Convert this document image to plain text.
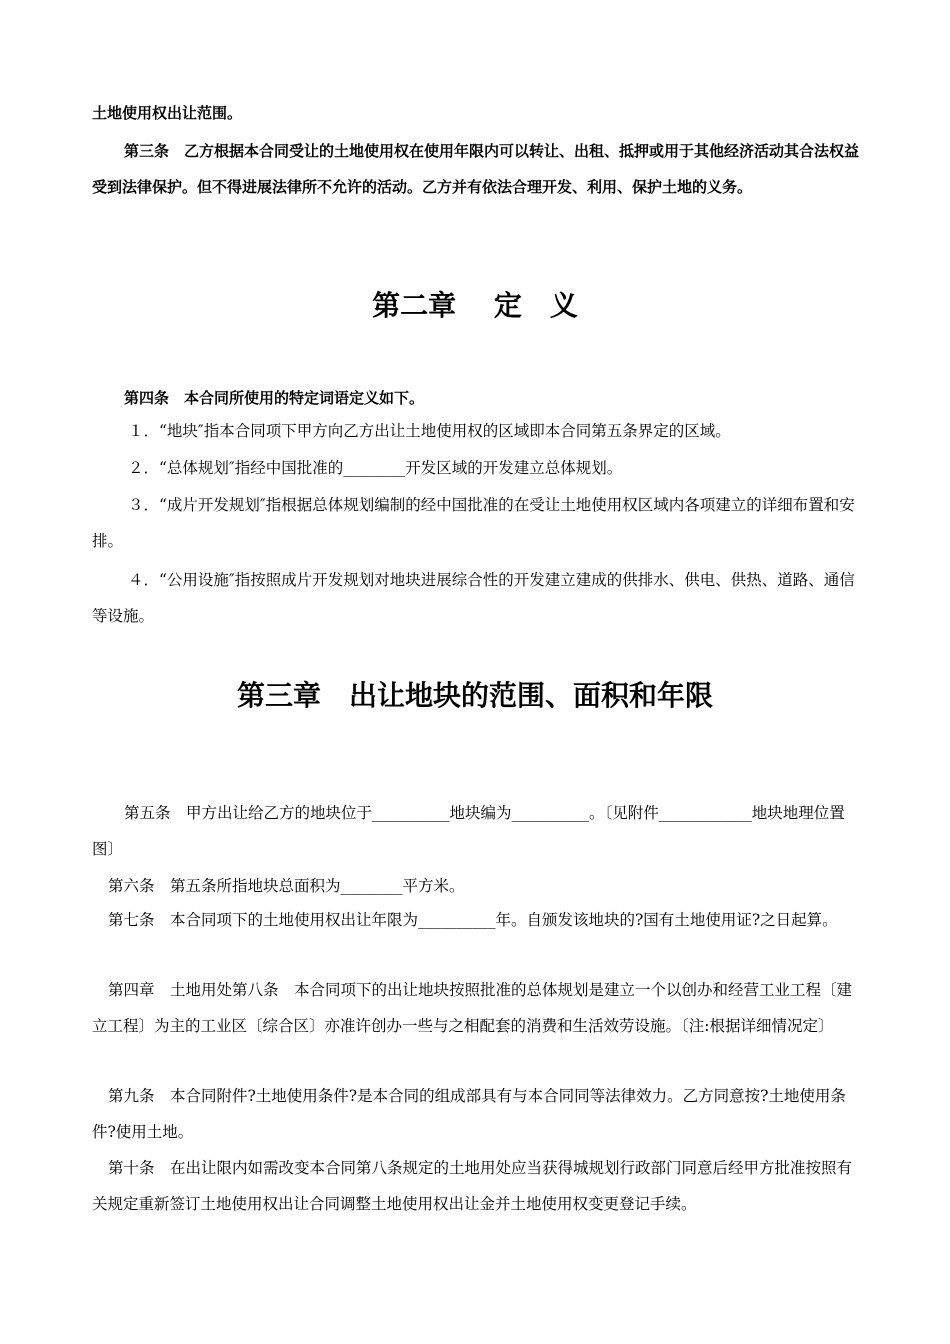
土地使用权出让范围。
第三条　乙方根据本合同受让的土地使用权在使用年限内可以转让、出租、抵押或用于其他经济活动其合法权益受到法律保护。但不得进展法律所不允许的活动。乙方并有依法合理开发、利用、保护土地的义务。
第二章　 定　义
第四条　本合同所使用的特定词语定义如下。
１．“地块″指本合同项下甲方向乙方出让土地使用权的区域即本合同第五条界定的区域。
２．“总体规划″指经中国批准的________开发区域的开发建立总体规划。
３．“成片开发规划″指根据总体规划编制的经中国批准的在受让土地使用权区域内各项建立的详细布置和安排。
４．“公用设施″指按照成片开发规划对地块进展综合性的开发建立建成的供排水、供电、供热、道路、通信等设施。
第三章　出让地块的范围、面积和年限
第五条　甲方出让给乙方的地块位于__________地块编为__________。〔见附件____________地块地理位置图〕
第六条　第五条所指地块总面积为________平方米。
第七条　本合同项下的土地使用权出让年限为__________年。自颁发该地块的?国有土地使用证?之日起算。
第四章　土地用处第八条　本合同项下的出让地块按照批准的总体规划是建立一个以创办和经营工业工程〔建立工程〕为主的工业区〔综合区〕亦准许创办一些与之相配套的消费和生活效劳设施。〔注:根据详细情况定〕
第九条　本合同附件?土地使用条件?是本合同的组成部具有与本合同同等法律效力。乙方同意按?土地使用条件?使用土地。
第十条　在出让限内如需改变本合同第八条规定的土地用处应当获得城规划行政部门同意后经甲方批准按照有关规定重新签订土地使用权出让合同调整土地使用权出让金并土地使用权变更登记手续。
